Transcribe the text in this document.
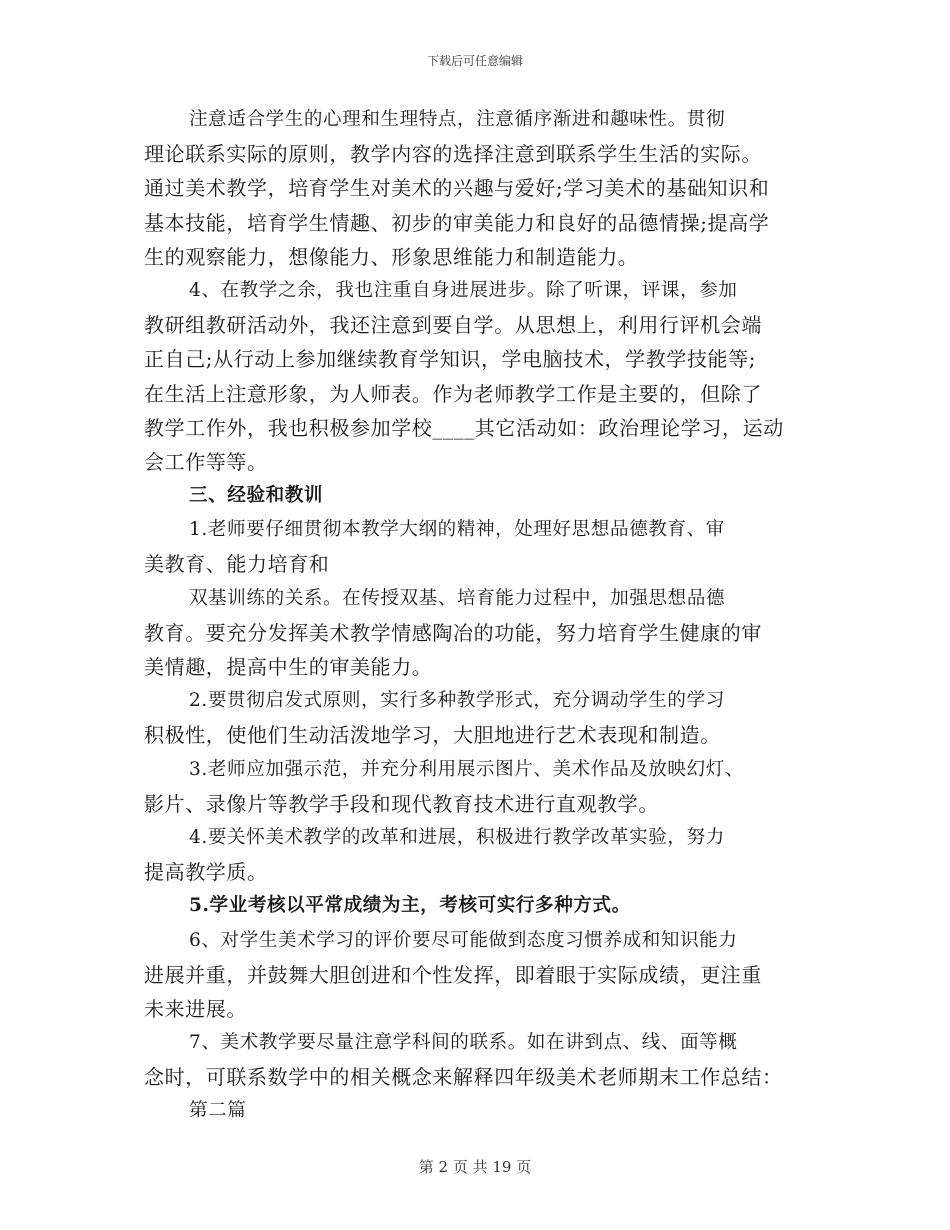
下载后可任意编辑
注意适合学生的心理和生理特点，注意循序渐进和趣味性。贯彻
理论联系实际的原则，教学内容的选择注意到联系学生生活的实际。
通过美术教学，培育学生对美术的兴趣与爱好;学习美术的基础知识和
基本技能，培育学生情趣、初步的审美能力和良好的品德情操;提高学
生的观察能力，想像能力、形象思维能力和制造能力。
4、在教学之余，我也注重自身进展进步。除了听课，评课，参加
教研组教研活动外，我还注意到要自学。从思想上，利用行评机会端
正自己;从行动上参加继续教育学知识，学电脑技术，学教学技能等;
在生活上注意形象，为人师表。作为老师教学工作是主要的，但除了
教学工作外，我也积极参加学校____其它活动如：政治理论学习，运动
会工作等等。
三、经验和教训
1.老师要仔细贯彻本教学大纲的精神，处理好思想品德教育、审
美教育、能力培育和
双基训练的关系。在传授双基、培育能力过程中，加强思想品德
教育。要充分发挥美术教学情感陶冶的功能，努力培育学生健康的审
美情趣，提高中生的审美能力。
2.要贯彻启发式原则，实行多种教学形式，充分调动学生的学习
积极性，使他们生动活泼地学习，大胆地进行艺术表现和制造。
3.老师应加强示范，并充分利用展示图片、美术作品及放映幻灯、
影片、录像片等教学手段和现代教育技术进行直观教学。
4.要关怀美术教学的改革和进展，积极进行教学改革实验，努力
提高教学质。
5.学业考核以平常成绩为主，考核可实行多种方式。
6、对学生美术学习的评价要尽可能做到态度习惯养成和知识能力
进展并重，并鼓舞大胆创进和个性发挥，即着眼于实际成绩，更注重
未来进展。
7、美术教学要尽量注意学科间的联系。如在讲到点、线、面等概
念时，可联系数学中的相关概念来解释四年级美术老师期末工作总结：
第二篇
第 2 页 共 19 页
